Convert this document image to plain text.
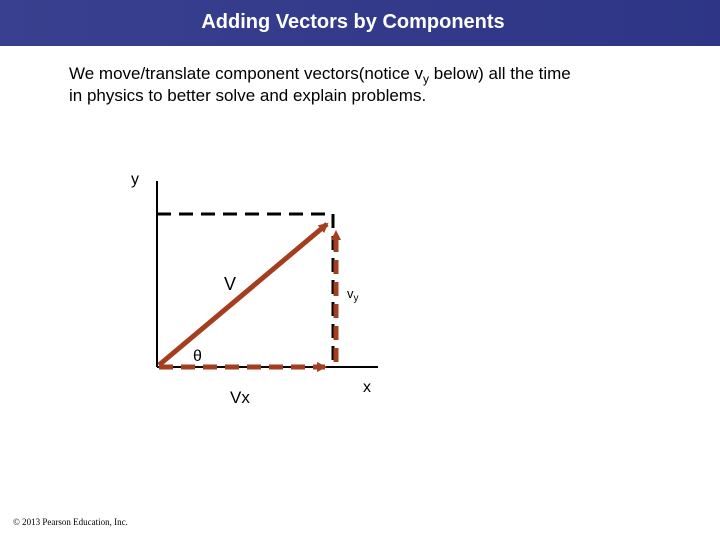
Adding Vectors by Components
We move/translate component vectors(notice $v_y$ below) all the time
in physics to better solve and explain problems.
y
x
V
θ
Vx
$v_y$
© 2013 Pearson Education, Inc.
